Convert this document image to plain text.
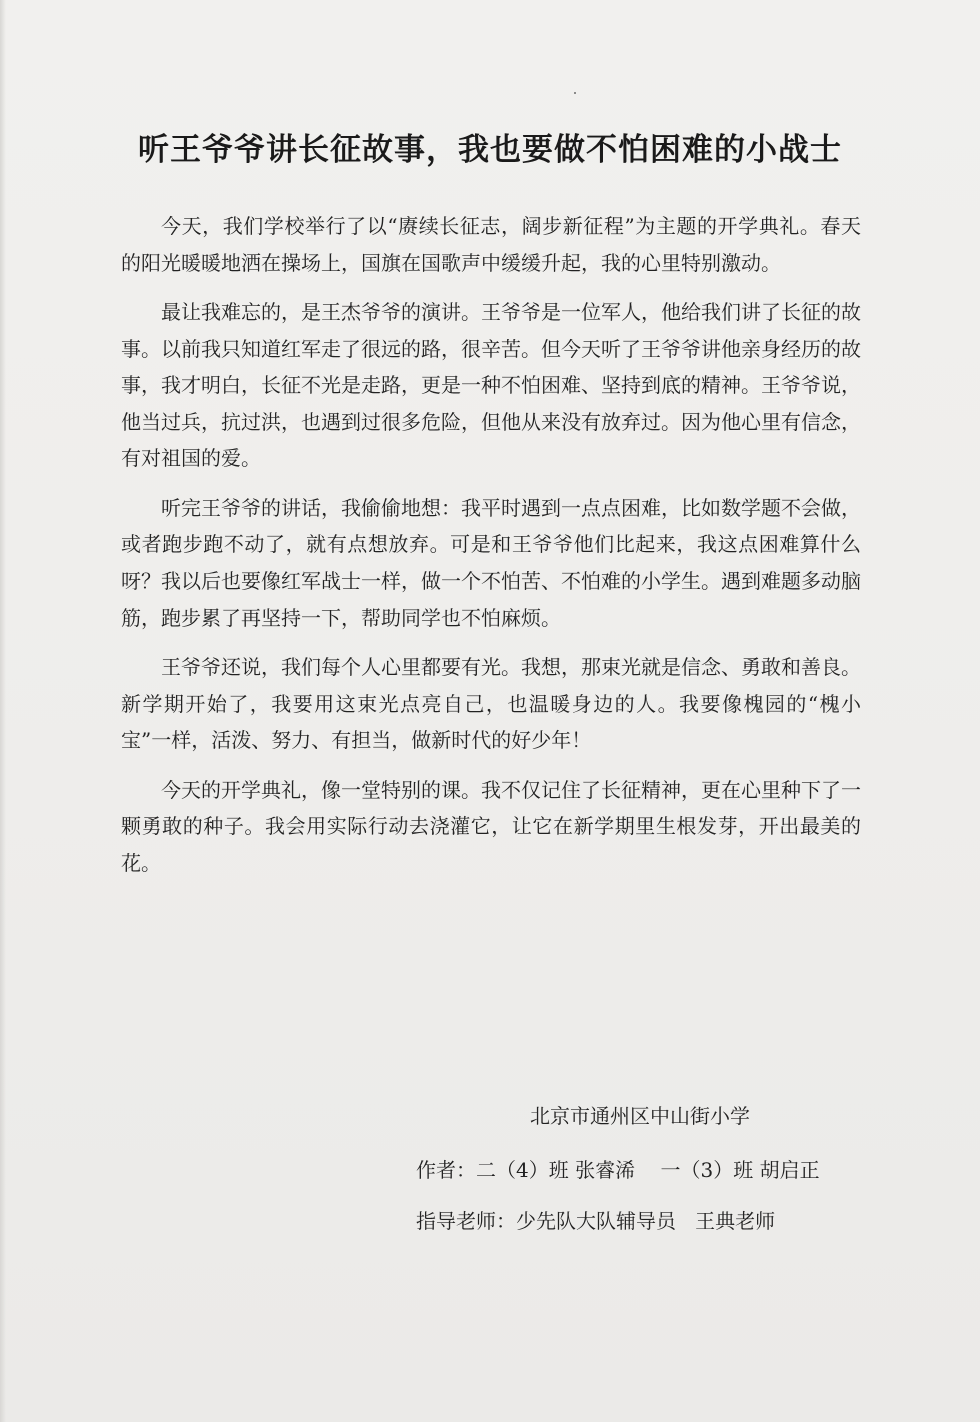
听王爷爷讲长征故事，我也要做不怕困难的小战士

今天，我们学校举行了以“赓续长征志，阔步新征程”为主题的开学典礼。春天的阳光暖暖地洒在操场上，国旗在国歌声中缓缓升起，我的心里特别激动。

最让我难忘的，是王杰爷爷的演讲。王爷爷是一位军人，他给我们讲了长征的故事。以前我只知道红军走了很远的路，很辛苦。但今天听了王爷爷讲他亲身经历的故事，我才明白，长征不光是走路，更是一种不怕困难、坚持到底的精神。王爷爷说，他当过兵，抗过洪，也遇到过很多危险，但他从来没有放弃过。因为他心里有信念，有对祖国的爱。

听完王爷爷的讲话，我偷偷地想：我平时遇到一点点困难，比如数学题不会做，或者跑步跑不动了，就有点想放弃。可是和王爷爷他们比起来，我这点困难算什么呀？我以后也要像红军战士一样，做一个不怕苦、不怕难的小学生。遇到难题多动脑筋，跑步累了再坚持一下，帮助同学也不怕麻烦。

王爷爷还说，我们每个人心里都要有光。我想，那束光就是信念、勇敢和善良。新学期开始了，我要用这束光点亮自己，也温暖身边的人。我要像槐园的“槐小宝”一样，活泼、努力、有担当，做新时代的好少年！

今天的开学典礼，像一堂特别的课。我不仅记住了长征精神，更在心里种下了一颗勇敢的种子。我会用实际行动去浇灌它，让它在新学期里生根发芽，开出最美的花。

北京市通州区中山街小学
作者：二（4）班 张睿浠    一（3）班 胡启正
指导老师：少先队大队辅导员   王典老师
